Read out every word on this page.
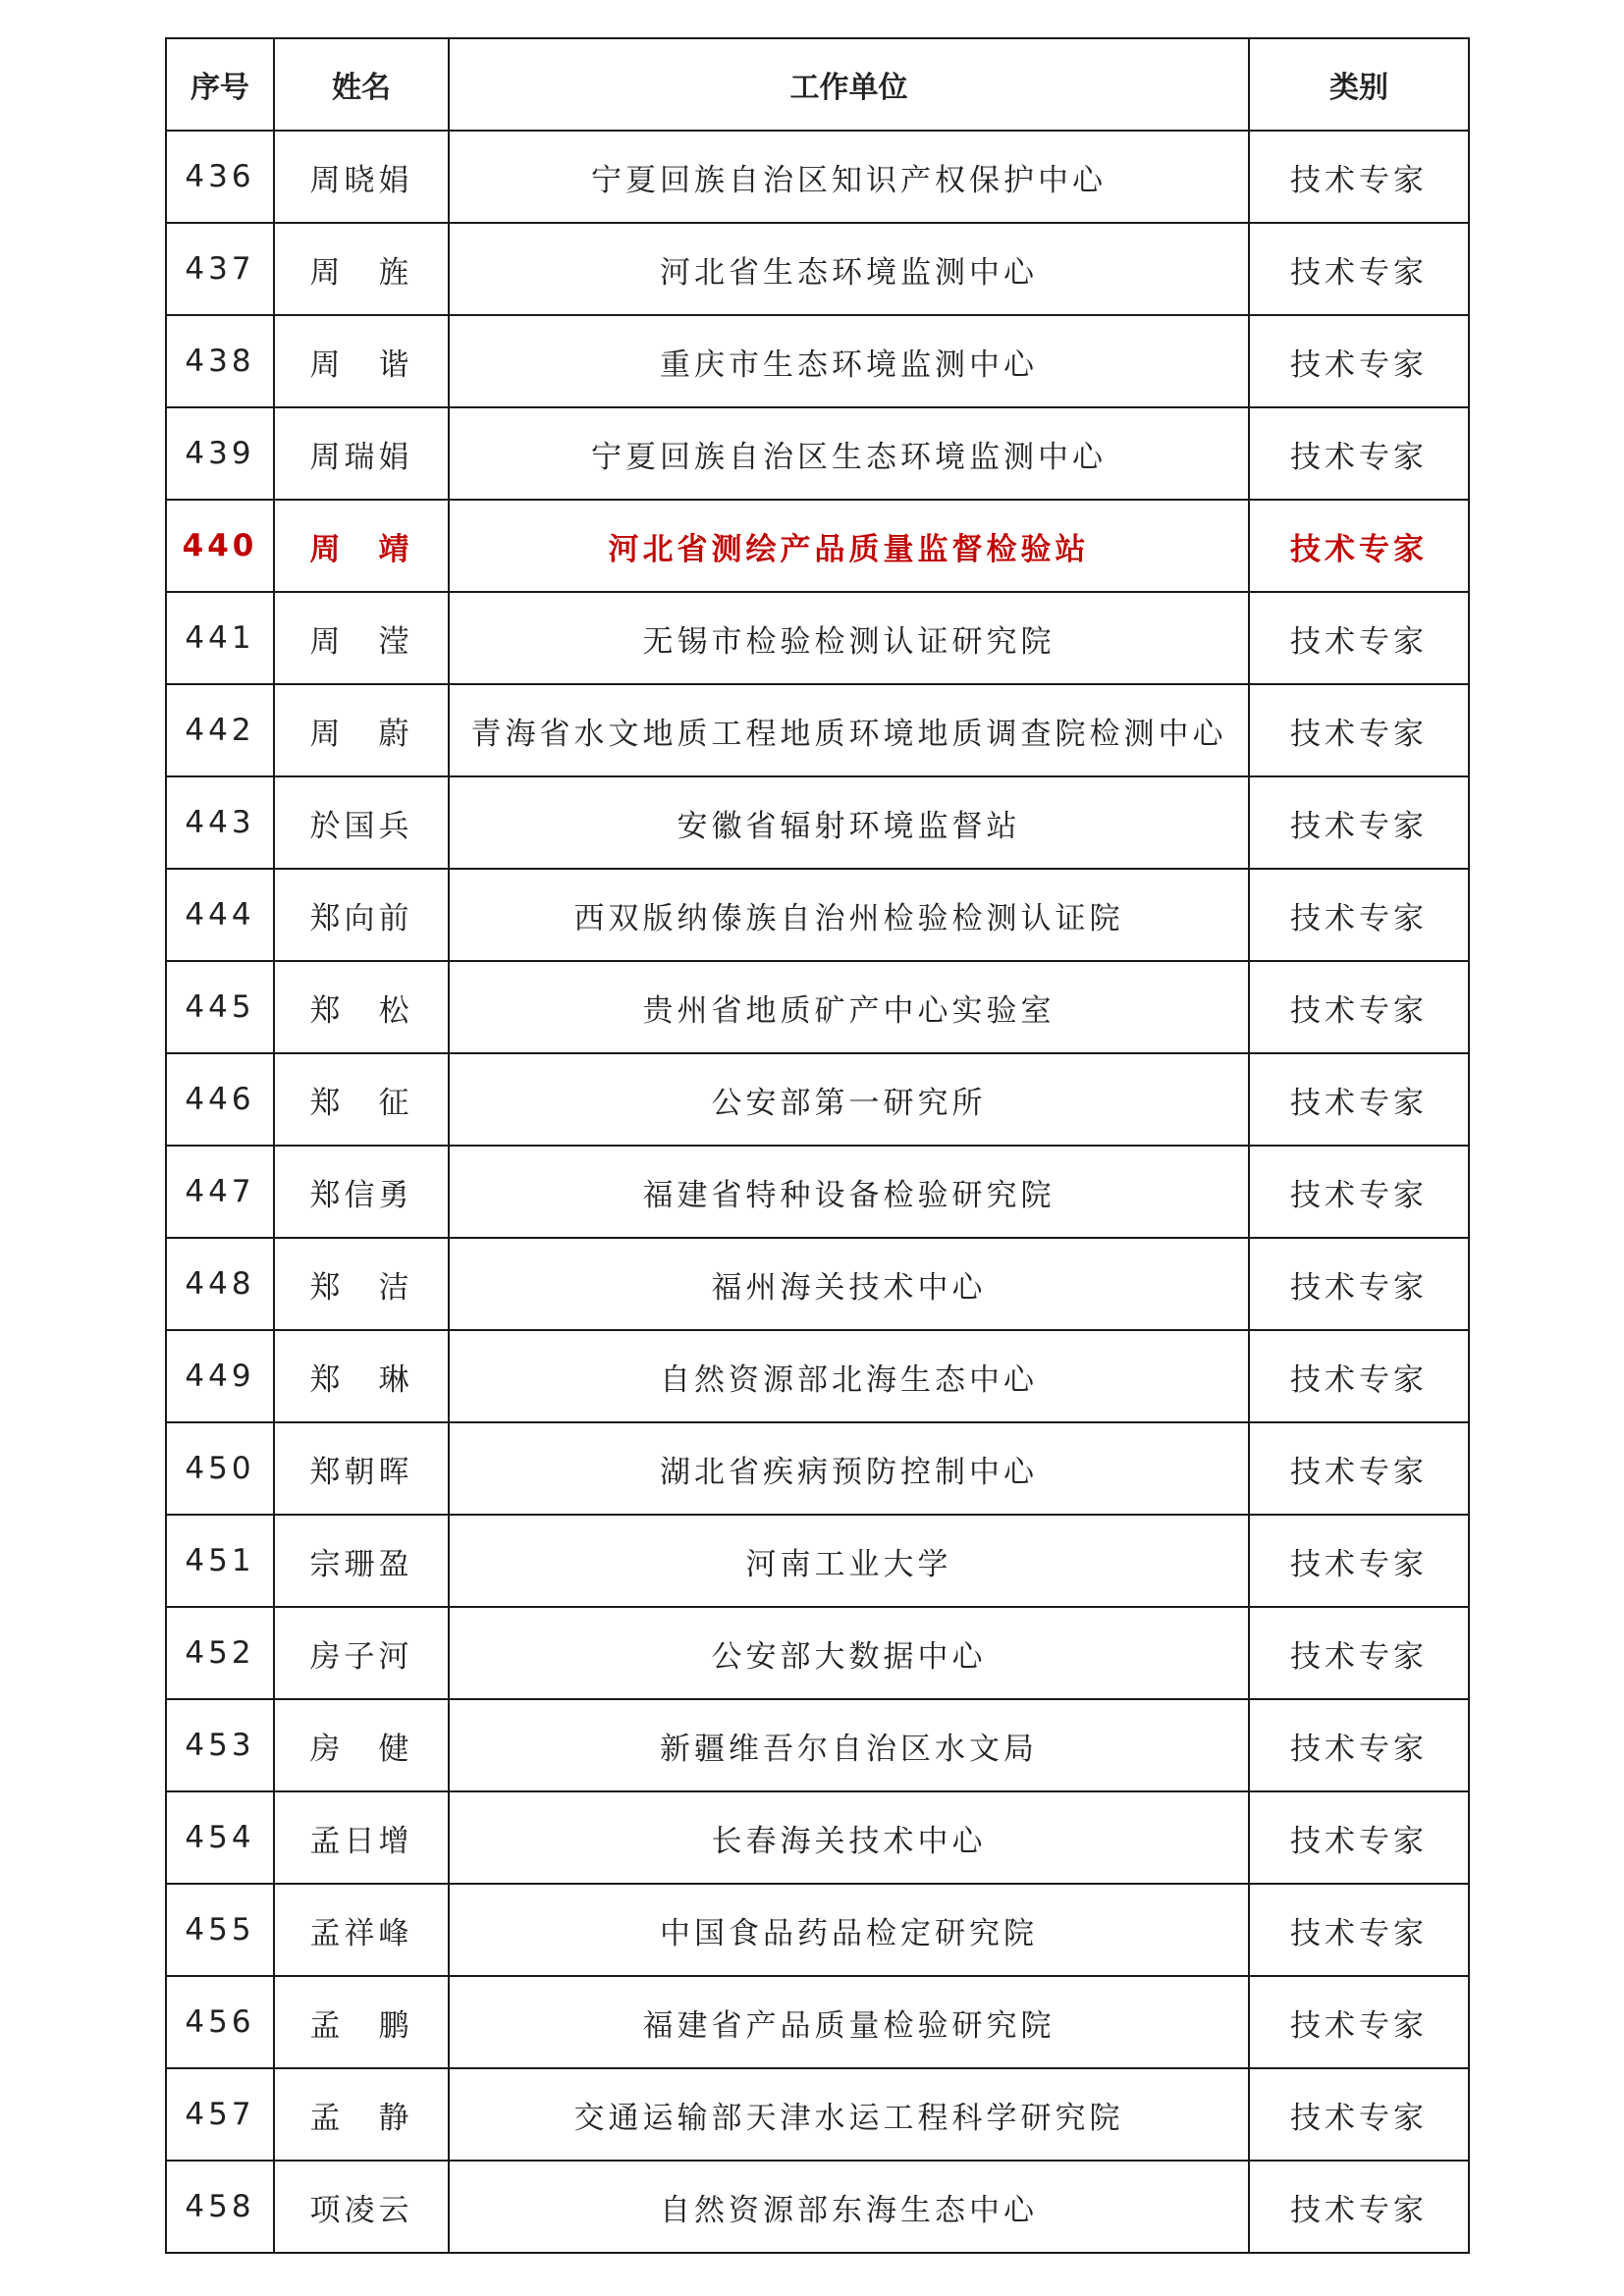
序号	姓名	工作单位	类别
436	周晓娟	宁夏回族自治区知识产权保护中心	技术专家
437	周　旌	河北省生态环境监测中心	技术专家
438	周　谐	重庆市生态环境监测中心	技术专家
439	周瑞娟	宁夏回族自治区生态环境监测中心	技术专家
440	周　靖	河北省测绘产品质量监督检验站	技术专家
441	周　滢	无锡市检验检测认证研究院	技术专家
442	周　蔚	青海省水文地质工程地质环境地质调查院检测中心	技术专家
443	於国兵	安徽省辐射环境监督站	技术专家
444	郑向前	西双版纳傣族自治州检验检测认证院	技术专家
445	郑　松	贵州省地质矿产中心实验室	技术专家
446	郑　征	公安部第一研究所	技术专家
447	郑信勇	福建省特种设备检验研究院	技术专家
448	郑　洁	福州海关技术中心	技术专家
449	郑　琳	自然资源部北海生态中心	技术专家
450	郑朝晖	湖北省疾病预防控制中心	技术专家
451	宗珊盈	河南工业大学	技术专家
452	房子河	公安部大数据中心	技术专家
453	房　健	新疆维吾尔自治区水文局	技术专家
454	孟日增	长春海关技术中心	技术专家
455	孟祥峰	中国食品药品检定研究院	技术专家
456	孟　鹏	福建省产品质量检验研究院	技术专家
457	孟　静	交通运输部天津水运工程科学研究院	技术专家
458	项凌云	自然资源部东海生态中心	技术专家
